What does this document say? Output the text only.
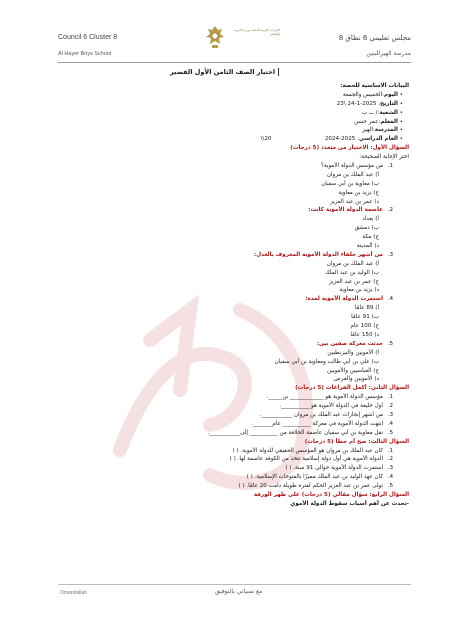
Council 6 Cluster 8
Al Hayer Boys School
الإمارات العربية المتحدة وزارة التربية والتعليم	مجلس تعليمي 6 نطاق 8
مدرسة الهيرللبنين
اختبار الصف الثامن الأول القصير
البيانات الاساسية للحصة:
• اليوم:الخميس والجمعة
• التاريخ: 2025-1-24 \23
• الشعبة:/ ـــ ب
• المعلم:عمر حسن
• المدرسة:الهير
• العام الدراسي: 2025-2024                              20\\
السؤال الأول: الاختيار من متعدد (5 درجات)
اختر الإجابة الصحيحة:
1.من مؤسس الدولة الأموية؟
أ) عبد الملك بن مروان
ب) معاوية بن أبي سفيان
ج) يزيد بن معاوية
د) عمر بن عبد العزيز
2.عاصمة الدولة الأموية كانت:
أ) بغداد
ب) دمشق
ج) مكة
د) المدينة
3.من أشهر خلفاء الدولة الأموية المعروف بالعدل:
أ) عبد الملك بن مروان
ب) الوليد بن عبد الملك
ج) عمر بن عبد العزيز
د) يزيد بن معاوية
4.استمرت الدولة الأموية لمدة:
أ) 89 عامًا
ب) 91 عامًا
ج) 100 عام
د) 150 عامًا
5.حدثت معركة صفين بين:
أ) الأمويين والبيزنطيين
ب) علي بن أبي طالب ومعاوية بن أبي سفيان
ج) العباسيين والأمويين
د) الأمويين والفرس
السؤال الثاني: أكمل الفراغات (5 درجات)
1.مؤسس الدولة الأموية هو ____________ بن_____.
2.أول خليفة في الدولة الأموية هو __________.
3.من أشهر إنجازات عبد الملك بن مروان ___________.
4.انتهت الدولة الأموية في معركة __________ عام_______.
5.نقل معاوية بن أبي سفيان عاصمة الخلافة من __________ إلى___________.
السؤال الثالث: صح أم خطأ (5 درجات)
1.كان عبد الملك بن مروان هو المؤسس الحقيقي للدولة الأموية. ( )
2.الدولة الأموية هي أول دولة إسلامية تتخذ من الكوفة عاصمة لها. ( )
3.استمرت الدولة الأموية حوالي 91 سنة. ( )
4.كان عهد الوليد بن عبد الملك مميزًا بالفتوحات الإسلامية. ( )
5.تولى عمر بن عبد العزيز الحكم لفترة طويلة دامت 20 عامًا. ( )
السؤال الرابع: سؤال مقالي (5 درجات) على ظهر الورقة
-تحدث عن أهم أسباب سقوط الدولة الأموي
Omarstallah	مع تمنياتي بالتوفيق
